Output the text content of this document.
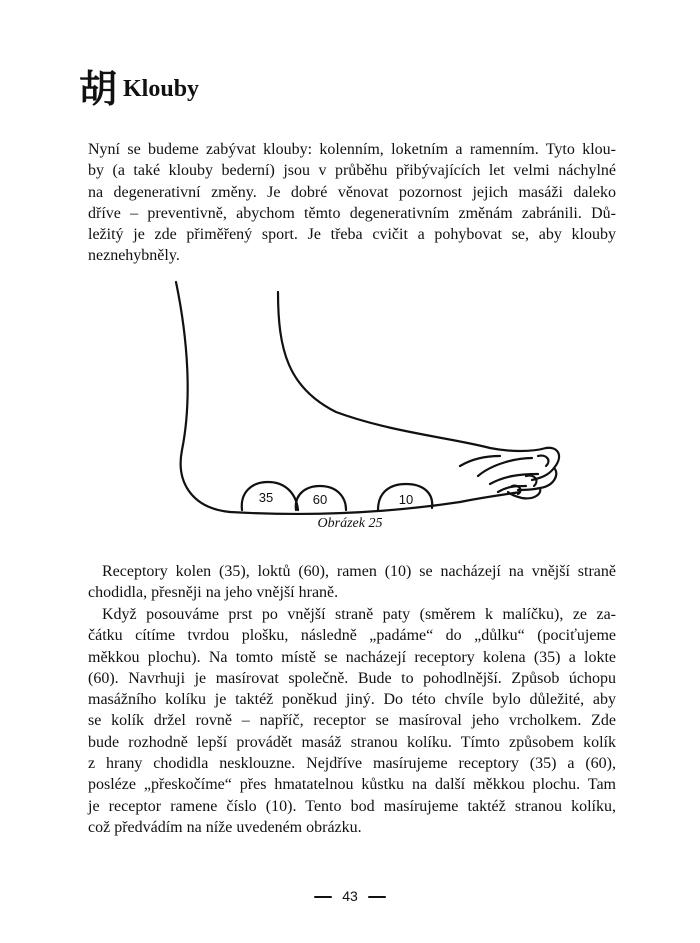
胡 Klouby
Nyní se budeme zabývat klouby: kolenním, loketním a ramenním. Tyto klou-
by (a také klouby bederní) jsou v průběhu přibývajících let velmi náchylné
na degenerativní změny. Je dobré věnovat pozornost jejich masáži daleko
dříve – preventivně, abychom těmto degenerativním změnám zabránili. Dů-
ležitý je zde přiměřený sport. Je třeba cvičit a pohybovat se, aby klouby
neznehybněly.
35	60	10
Obrázek 25
Receptory kolen (35), loktů (60), ramen (10) se nacházejí na vnější straně
chodidla, přesněji na jeho vnější hraně.
Když posouváme prst po vnější straně paty (směrem k malíčku), ze za-
čátku cítíme tvrdou plošku, následně „padáme“ do „důlku“ (pociťujeme
měkkou plochu). Na tomto místě se nacházejí receptory kolena (35) a lokte
(60). Navrhuji je masírovat společně. Bude to pohodlnější. Způsob úchopu
masážního kolíku je taktéž poněkud jiný. Do této chvíle bylo důležité, aby
se kolík držel rovně – napříč, receptor se masíroval jeho vrcholkem. Zde
bude rozhodně lepší provádět masáž stranou kolíku. Tímto způsobem kolík
z hrany chodidla nesklouzne. Nejdříve masírujeme receptory (35) a (60),
posléze „přeskočíme“ přes hmatatelnou kůstku na další měkkou plochu. Tam
je receptor ramene číslo (10). Tento bod masírujeme taktéž stranou kolíku,
což předvádím na níže uvedeném obrázku.
43
